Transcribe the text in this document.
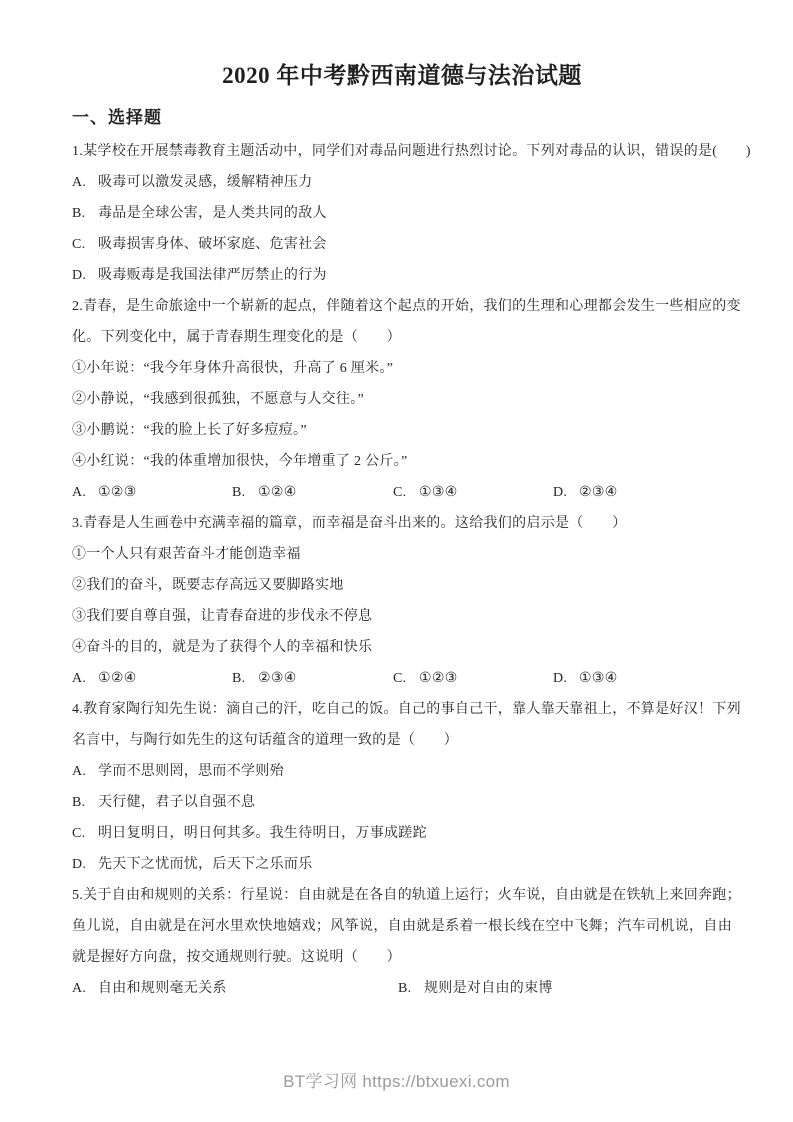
2020 年中考黔西南道德与法治试题
一、选择题

1.某学校在开展禁毒教育主题活动中，同学们对毒品问题进行热烈讨论。下列对毒品的认识，错误的是(　　)

A. 吸毒可以激发灵感，缓解精神压力

B. 毒品是全球公害，是人类共同的敌人

C. 吸毒损害身体、破坏家庭、危害社会

D. 吸毒贩毒是我国法律严厉禁止的行为

2.青春，是生命旅途中一个崭新的起点，伴随着这个起点的开始，我们的生理和心理都会发生一些相应的变

化。下列变化中，属于青春期生理变化的是（　　）

①小年说：“我今年身体升高很快，升高了 6 厘米。”

②小静说，“我感到很孤独，不愿意与人交往。”

③小鹏说：“我的脸上长了好多痘痘。”

④小红说：“我的体重增加很快，今年增重了 2 公斤。”

A. ①②③	B. ①②④	C. ①③④	D. ②③④

3.青春是人生画卷中充满幸福的篇章，而幸福是奋斗出来的。这给我们的启示是（　　）

①一个人只有艰苦奋斗才能创造幸福

②我们的奋斗，既要志存高远又要脚路实地

③我们要自尊自强，让青春奋进的步伐永不停息

④奋斗的目的，就是为了获得个人的幸福和快乐

A. ①②④	B. ②③④	C. ①②③	D. ①③④

4.教育家陶行知先生说：滴自己的汗，吃自己的饭。自己的事自己干，靠人靠天靠祖上，不算是好汉！下列

名言中，与陶行如先生的这句话蕴含的道理一致的是（　　）

A. 学而不思则罔，思而不学则殆

B. 天行健，君子以自强不息

C. 明日复明日，明日何其多。我生待明日，万事成蹉跎

D. 先天下之忧而忧，后天下之乐而乐

5.关于自由和规则的关系：行星说：自由就是在各自的轨道上运行；火车说，自由就是在铁轨上来回奔跑；

鱼儿说，自由就是在河水里欢快地嬉戏；风筝说，自由就是系着一根长线在空中飞舞；汽车司机说，自由

就是握好方向盘，按交通规则行驶。这说明（　　）

A. 自由和规则毫无关系	B. 规则是对自由的束博

BT学习网 https://btxuexi.com
